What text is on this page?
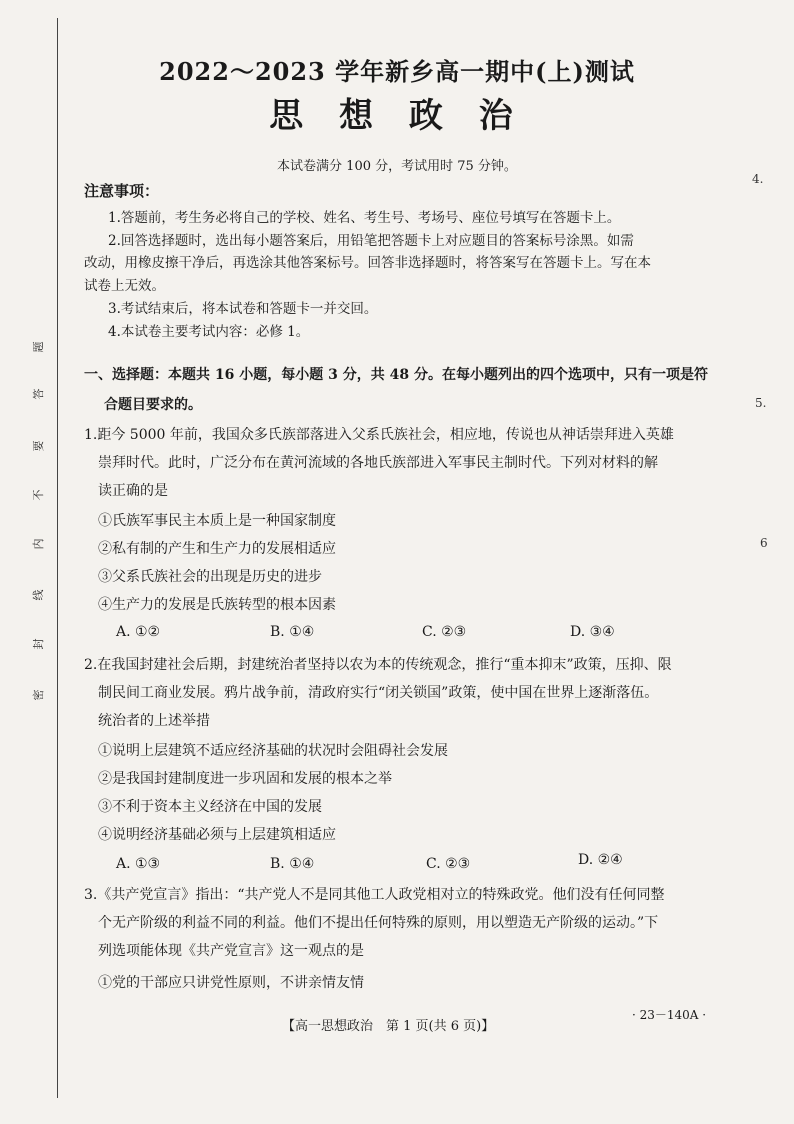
题
答
要
不
内
线
封
密
4.
5.
6
2022～2023 学年新乡高一期中(上)测试
思 想 政 治
本试卷满分 100 分，考试用时 75 分钟。
注意事项：
1.答题前，考生务必将自己的学校、姓名、考生号、考场号、座位号填写在答题卡上。
2.回答选择题时，选出每小题答案后，用铅笔把答题卡上对应题目的答案标号涂黑。如需
改动，用橡皮擦干净后，再选涂其他答案标号。回答非选择题时，将答案写在答题卡上。写在本
试卷上无效。
3.考试结束后，将本试卷和答题卡一并交回。
4.本试卷主要考试内容：必修 1。
一、选择题：本题共 16 小题，每小题 3 分，共 48 分。在每小题列出的四个选项中，只有一项是符
合题目要求的。
1.距今 5000 年前，我国众多氏族部落进入父系氏族社会，相应地，传说也从神话崇拜进入英雄
崇拜时代。此时，广泛分布在黄河流域的各地氏族部进入军事民主制时代。下列对材料的解
读正确的是
①氏族军事民主本质上是一种国家制度
②私有制的产生和生产力的发展相适应
③父系氏族社会的出现是历史的进步
④生产力的发展是氏族转型的根本因素
A. ①②	B. ①④	C. ②③	D. ③④
2.在我国封建社会后期，封建统治者坚持以农为本的传统观念，推行“重本抑末”政策，压抑、限
制民间工商业发展。鸦片战争前，清政府实行“闭关锁国”政策，使中国在世界上逐渐落伍。
统治者的上述举措
①说明上层建筑不适应经济基础的状况时会阻碍社会发展
②是我国封建制度进一步巩固和发展的根本之举
③不利于资本主义经济在中国的发展
④说明经济基础必须与上层建筑相适应
A. ①③	B. ①④	C. ②③	D. ②④
3.《共产党宣言》指出：“共产党人不是同其他工人政党相对立的特殊政党。他们没有任何同整
个无产阶级的利益不同的利益。他们不提出任何特殊的原则，用以塑造无产阶级的运动。”下
列选项能体现《共产党宣言》这一观点的是
①党的干部应只讲党性原则，不讲亲情友情
【高一思想政治　第 1 页(共 6 页)】
· 23－140A ·
